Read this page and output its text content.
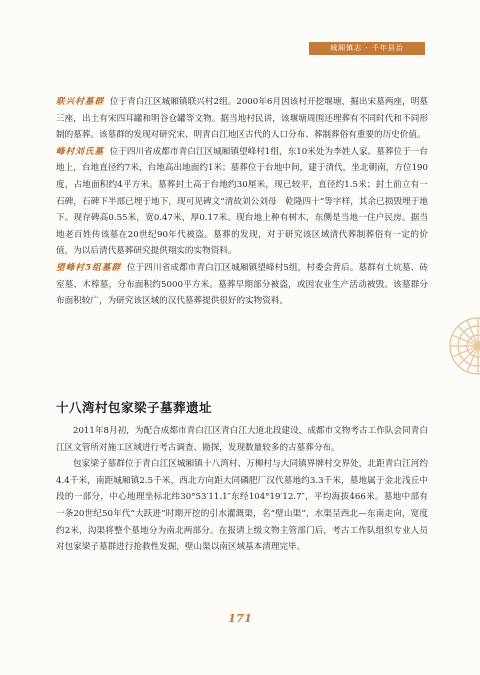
城厢镇志 · 千年县治

联兴村墓群 位于青白江区城厢镇联兴村2组。2000年6月因该村开挖堰塘，掘出宋墓两座，明墓三座，出土有宋四耳罐和明谷仓罐等文物。据当地村民讲，该堰塘周围还埋葬有不同时代和不同形制的墓葬。该墓群的发现对研究宋、明青白江地区古代的人口分布、葬制葬俗有重要的历史价值。

峰村刘氏墓 位于四川省成都市青白江区城厢镇望峰村1组，东10米处为李姓人家。墓葬位于一台地上，台地直径约7米，台地高出地面约1米；墓葬位于台地中间，建于清代，坐北朝南，方位190度，占地面积约4平方米。墓葬封土高于台地约30厘米，现已较平，直径约1.5米；封土前立有一石碑，石碑下半部已埋于地下，现可见碑文“清故刘公刘母　乾隆四十”等字样，其余已损毁埋于地下。现存碑高0.55米，宽0.47米，厚0.17米。现台地上种有树木，东侧是当地一住户民房。据当地老百姓传该墓在20世纪90年代被盗。墓葬的发现，对于研究该区域清代葬制葬俗有一定的价值，为以后清代墓葬研究提供翔实的实物资料。

望峰村5组墓群 位于四川省成都市青白江区城厢镇望峰村5组，村委会背后。墓群有土坑墓、砖室墓、木椁墓，分布面积约5000平方米。墓葬早期部分被盗，或因农业生产活动被毁。该墓群分布面积较广，为研究该区域的汉代墓葬提供很好的实物资料。

十八湾村包家梁子墓葬遗址

2011年8月初，为配合成都市青白江区青白江大道北段建设，成都市文物考古工作队会同青白江区文管所对施工区域进行考古调查、勘探，发现数量较多的古墓葬分布。

包家梁子墓群位于青白江区城厢镇十八湾村、万柳村与大同镇界牌村交界处，北距青白江河约4.4千米，南距城厢镇2.5千米，西北方向距大同磷肥厂汉代墓地约3.3千米，墓地属于金北浅丘中段的一部分，中心地理坐标北纬30°53′11.1″东经104°19′12.7″，平均海拔466米。墓地中部有一条20世纪50年代“大跃进”时期开挖的引水灌溉渠，名“壁山渠”，水渠呈西北—东南走向，宽度约2米，沟渠将整个墓地分为南北两部分。在报请上级文物主管部门后，考古工作队组织专业人员对包家梁子墓群进行抢救性发掘，壁山渠以南区域基本清理完毕。

171
